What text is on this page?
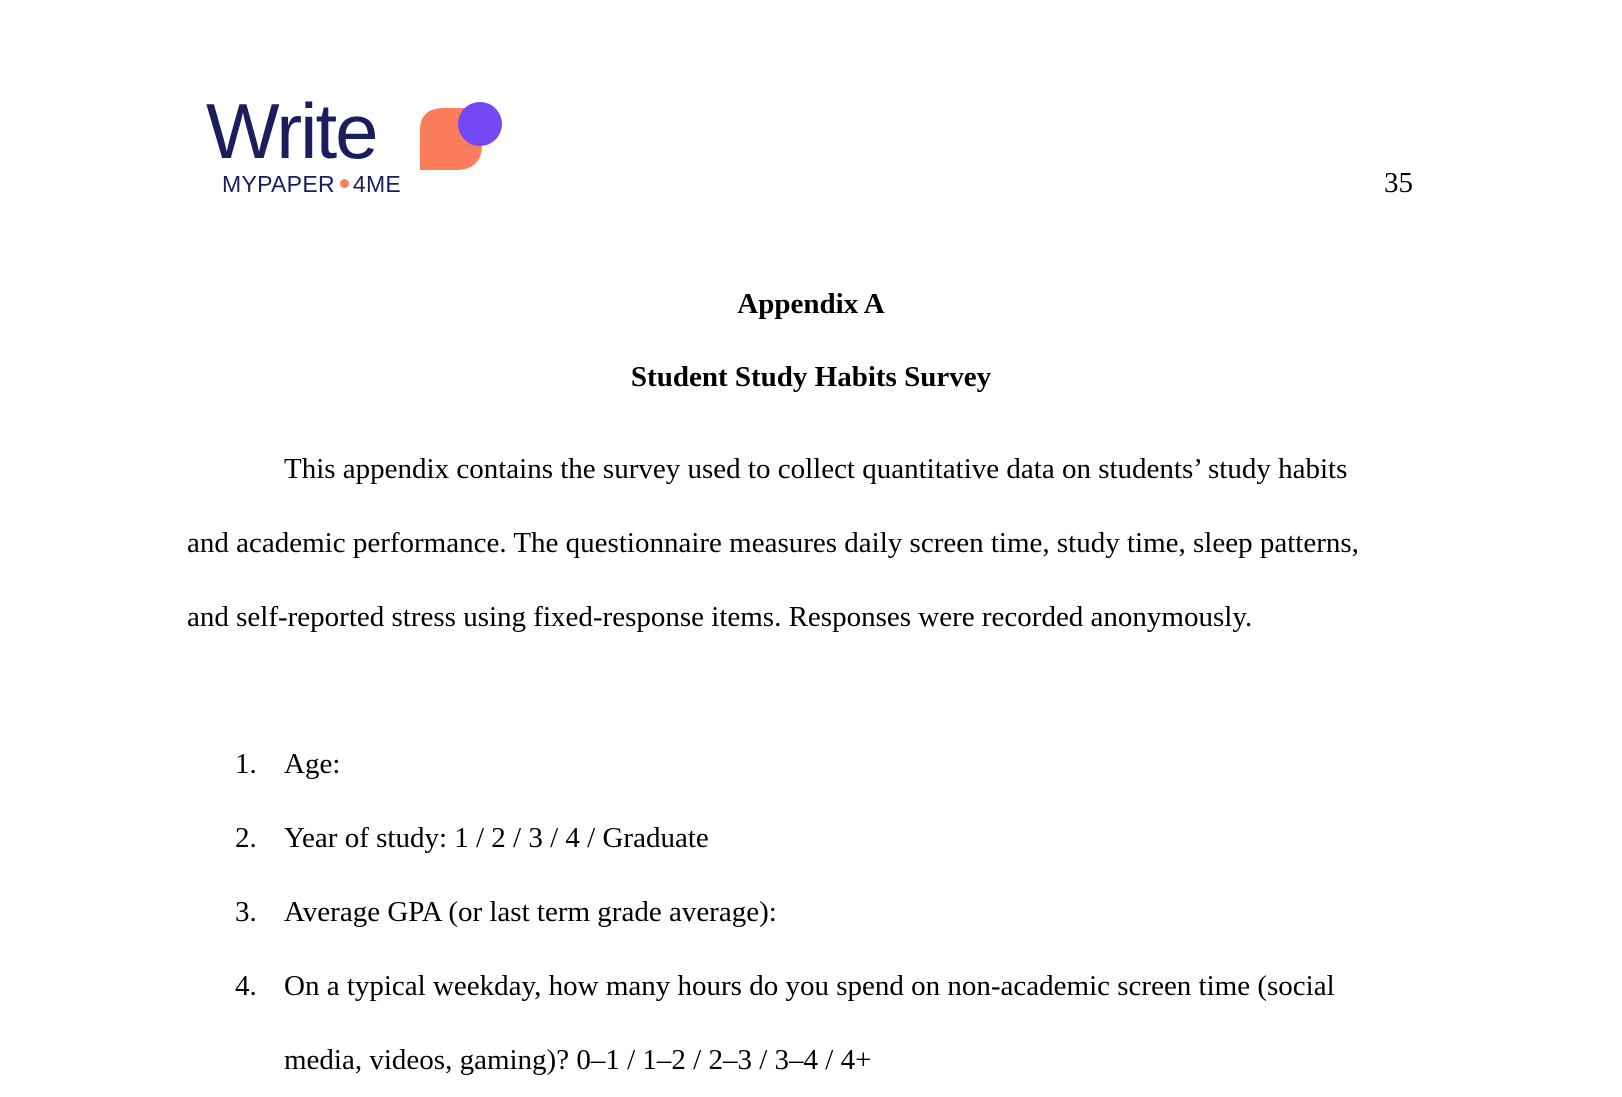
Write
MYPAPER 4ME	35
Appendix A
Student Study Habits Survey

This appendix contains the survey used to collect quantitative data on students’ study habits and academic performance. The questionnaire measures daily screen time, study time, sleep patterns, and self-reported stress using fixed-response items. Responses were recorded anonymously.

1. Age:
2. Year of study: 1 / 2 / 3 / 4 / Graduate
3. Average GPA (or last term grade average):
4. On a typical weekday, how many hours do you spend on non-academic screen time (social media, videos, gaming)? 0–1 / 1–2 / 2–3 / 3–4 / 4+
